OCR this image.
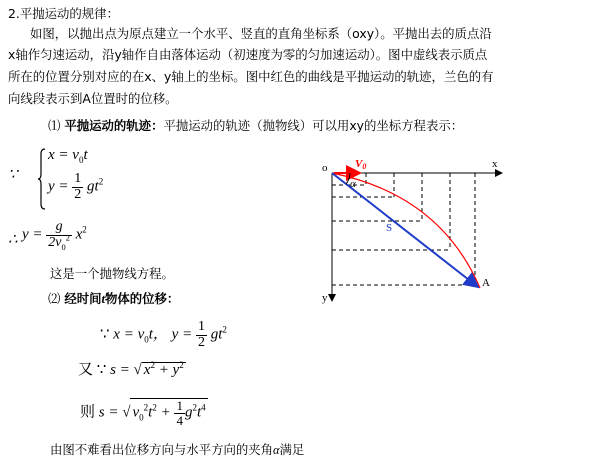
2.平抛运动的规律：
如图，以抛出点为原点建立一个水平、竖直的直角坐标系（oxy）。平抛出去的质点沿
x轴作匀速运动，沿y轴作自由落体运动（初速度为零的匀加速运动）。图中虚线表示质点
所在的位置分别对应的在x、y轴上的坐标。图中红色的曲线是平抛运动的轨迹，兰色的有
向线段表示到A位置时的位移。
⑴ 平抛运动的轨迹：平抛运动的轨迹（抛物线）可以用xy的坐标方程表示：
∵
$x = v_0t$
$y = \frac{1}{2} gt^2$
∴ $y = \frac{g}{2v_0^2} x^2$
这是一个抛物线方程。
⑵ 经时间t物体的位移：
∵ $x = v_0t$， $y = \frac{1}{2} gt^2$
又 ∵ s = √ $x^2 + y^2$
则 s = √ $v_0^2t^2 + \frac{1}{4} g^2t^4$
由图不难看出位移方向与水平方向的夹角α满足
o	x
y
V0
α
S
A
